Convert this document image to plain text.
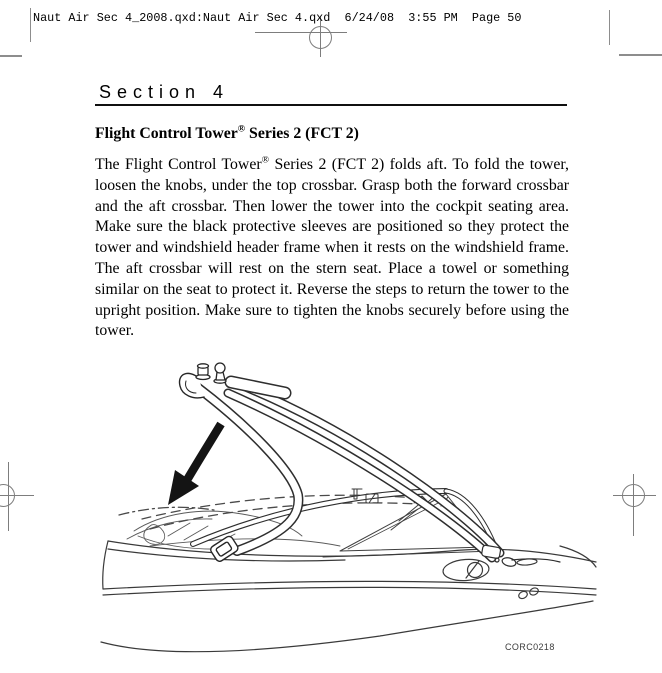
Naut Air Sec 4_2008.qxd:Naut Air Sec 4.qxd  6/24/08  3:55 PM  Page 50
Section 4
Flight Control Tower® Series 2 (FCT 2)
The Flight Control Tower® Series 2 (FCT 2) folds aft. To fold the tower, loosen the knobs, under the top crossbar. Grasp both the forward crossbar and the aft crossbar. Then lower the tower into the cockpit seating area. Make sure the black protective sleeves are positioned so they protect the tower and windshield header frame when it rests on the windshield frame. The aft crossbar will rest on the stern seat. Place a towel or something similar on the seat to protect it. Reverse the steps to return the tower to the upright position. Make sure to tighten the knobs securely before using the tower.
CORC0218
